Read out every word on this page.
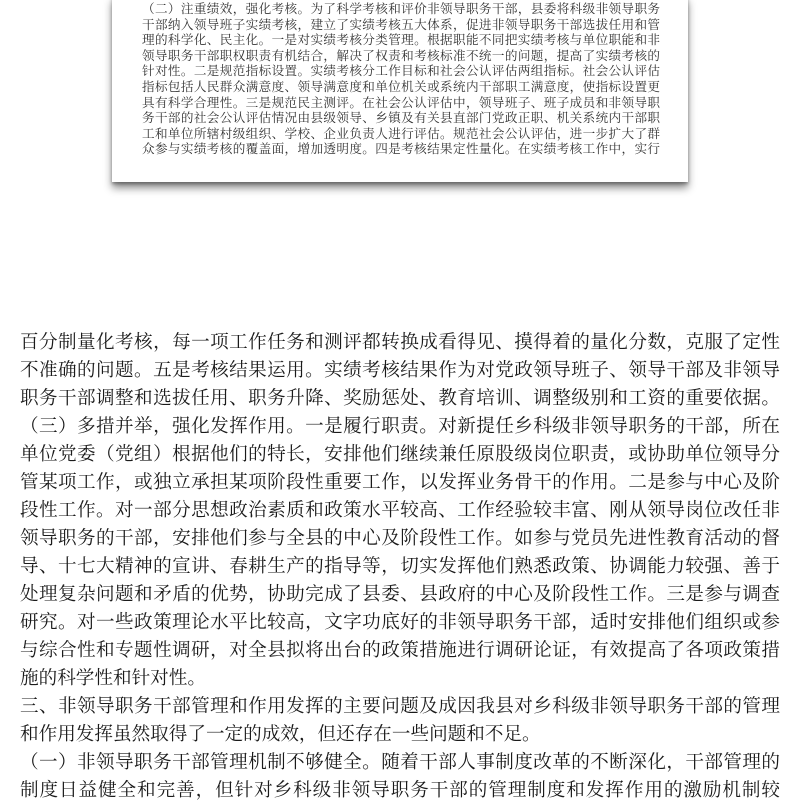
（二）注重绩效，强化考核。为了科学考核和评价非领导职务干部，县委将科级非领导职务
干部纳入领导班子实绩考核，建立了实绩考核五大体系，促进非领导职务干部选拔任用和管
理的科学化、民主化。一是对实绩考核分类管理。根据职能不同把实绩考核与单位职能和非
领导职务干部职权职责有机结合，解决了权责和考核标准不统一的问题，提高了实绩考核的
针对性。二是规范指标设置。实绩考核分工作目标和社会公认评估两组指标。社会公认评估
指标包括人民群众满意度、领导满意度和单位机关或系统内干部职工满意度，使指标设置更
具有科学合理性。三是规范民主测评。在社会公认评估中，领导班子、班子成员和非领导职
务干部的社会公认评估情况由县级领导、乡镇及有关县直部门党政正职、机关系统内干部职
工和单位所辖村级组织、学校、企业负责人进行评估。规范社会公认评估，进一步扩大了群
众参与实绩考核的覆盖面，增加透明度。四是考核结果定性量化。在实绩考核工作中，实行
百分制量化考核，每一项工作任务和测评都转换成看得见、摸得着的量化分数，克服了定性
不准确的问题。五是考核结果运用。实绩考核结果作为对党政领导班子、领导干部及非领导
职务干部调整和选拔任用、职务升降、奖励惩处、教育培训、调整级别和工资的重要依据。
（三）多措并举，强化发挥作用。一是履行职责。对新提任乡科级非领导职务的干部，所在
单位党委（党组）根据他们的特长，安排他们继续兼任原股级岗位职责，或协助单位领导分
管某项工作，或独立承担某项阶段性重要工作，以发挥业务骨干的作用。二是参与中心及阶
段性工作。对一部分思想政治素质和政策水平较高、工作经验较丰富、刚从领导岗位改任非
领导职务的干部，安排他们参与全县的中心及阶段性工作。如参与党员先进性教育活动的督
导、十七大精神的宣讲、春耕生产的指导等，切实发挥他们熟悉政策、协调能力较强、善于
处理复杂问题和矛盾的优势，协助完成了县委、县政府的中心及阶段性工作。三是参与调查
研究。对一些政策理论水平比较高，文字功底好的非领导职务干部，适时安排他们组织或参
与综合性和专题性调研，对全县拟将出台的政策措施进行调研论证，有效提高了各项政策措
施的科学性和针对性。
三、非领导职务干部管理和作用发挥的主要问题及成因我县对乡科级非领导职务干部的管理
和作用发挥虽然取得了一定的成效，但还存在一些问题和不足。
（一）非领导职务干部管理机制不够健全。随着干部人事制度改革的不断深化，干部管理的
制度日益健全和完善，但针对乡科级非领导职务干部的管理制度和发挥作用的激励机制较
